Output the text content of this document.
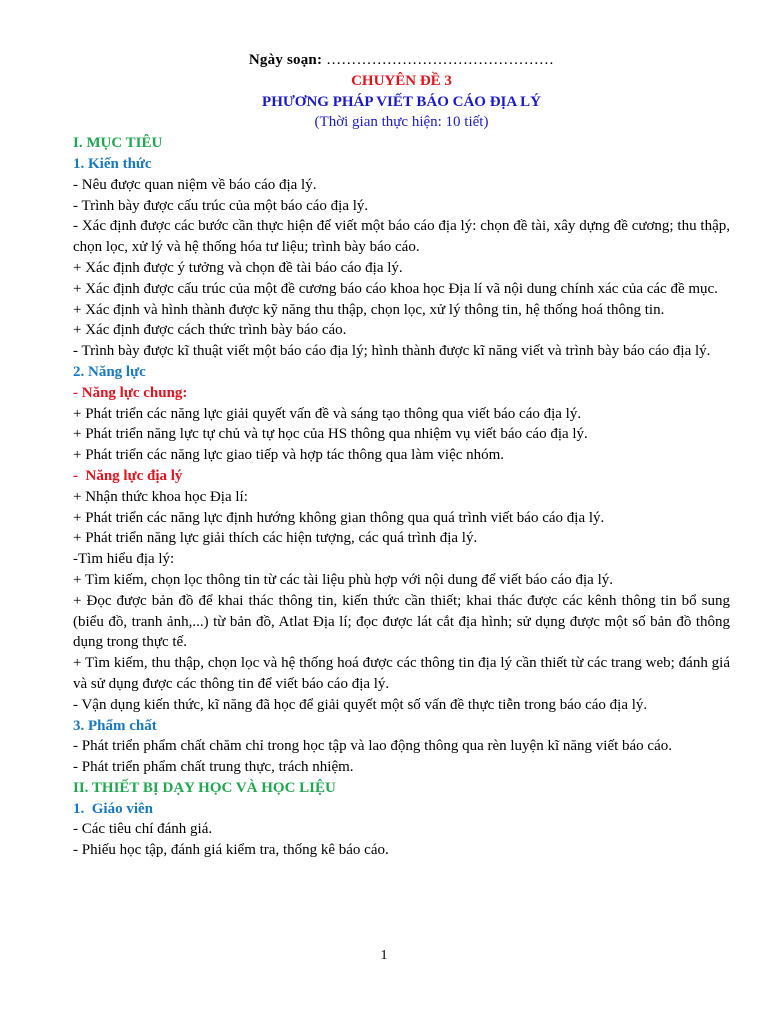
Ngày soạn: ………………………………………
CHUYÊN ĐỀ 3
PHƯƠNG PHÁP VIẾT BÁO CÁO ĐỊA LÝ
(Thời gian thực hiện: 10 tiết)
I. MỤC TIÊU
1. Kiến thức
- Nêu được quan niệm về báo cáo địa lý.
- Trình bày được cấu trúc của một báo cáo địa lý.
- Xác định được các bước cần thực hiện để viết một báo cáo địa lý: chọn đề tài, xây dựng đề cương; thu thập, chọn lọc, xử lý và hệ thống hóa tư liệu; trình bày báo cáo.
+ Xác định được ý tưởng và chọn đề tài báo cáo địa lý.
+ Xác định được cấu trúc của một đề cương báo cáo khoa học Địa lí vã nội dung chính xác của các đề mục.
+ Xác định và hình thành được kỹ năng thu thập, chọn lọc, xử lý thông tin, hệ thống hoá thông tin.
+ Xác định được cách thức trình bày báo cáo.
- Trình bày được kĩ thuật viết một báo cáo địa lý; hình thành được kĩ năng viết và trình bày báo cáo địa lý.
2. Năng lực
- Năng lực chung:
+ Phát triển các năng lực giải quyết vấn đề và sáng tạo thông qua viết báo cáo địa lý.
+ Phát triển năng lực tự chủ và tự học của HS thông qua nhiệm vụ viết báo cáo địa lý.
+ Phát triển các năng lực giao tiếp và hợp tác thông qua làm việc nhóm.
-  Năng lực địa lý
+ Nhận thức khoa học Địa lí:
+ Phát triển các năng lực định hướng không gian thông qua quá trình viết báo cáo địa lý.
+ Phát triển năng lực giải thích các hiện tượng, các quá trình địa lý.
-Tìm hiểu địa lý:
+ Tìm kiếm, chọn lọc thông tin từ các tài liệu phù hợp với nội dung để viết báo cáo địa lý.
+ Đọc được bản đồ để khai thác thông tin, kiến thức cần thiết; khai thác được các kênh thông tin bổ sung (biểu đồ, tranh ảnh,...) từ bản đồ, Atlat Địa lí; đọc được lát cắt địa hình; sử dụng được một số bản đồ thông dụng trong thực tế.
+ Tìm kiếm, thu thập, chọn lọc và hệ thống hoá được các thông tin địa lý cần thiết từ các trang web; đánh giá và sử dụng được các thông tin để viết báo cáo địa lý.
- Vận dụng kiến thức, kĩ năng đã học để giải quyết một số vấn đề thực tiễn trong báo cáo địa lý.
3. Phẩm chất
- Phát triển phẩm chất chăm chỉ trong học tập và lao động thông qua rèn luyện kĩ năng viết báo cáo.
- Phát triển phẩm chất trung thực, trách nhiệm.
II. THIẾT BỊ DẠY HỌC VÀ HỌC LIỆU
1.  Giáo viên
- Các tiêu chí đánh giá.
- Phiếu học tập, đánh giá kiểm tra, thống kê báo cáo.
1
